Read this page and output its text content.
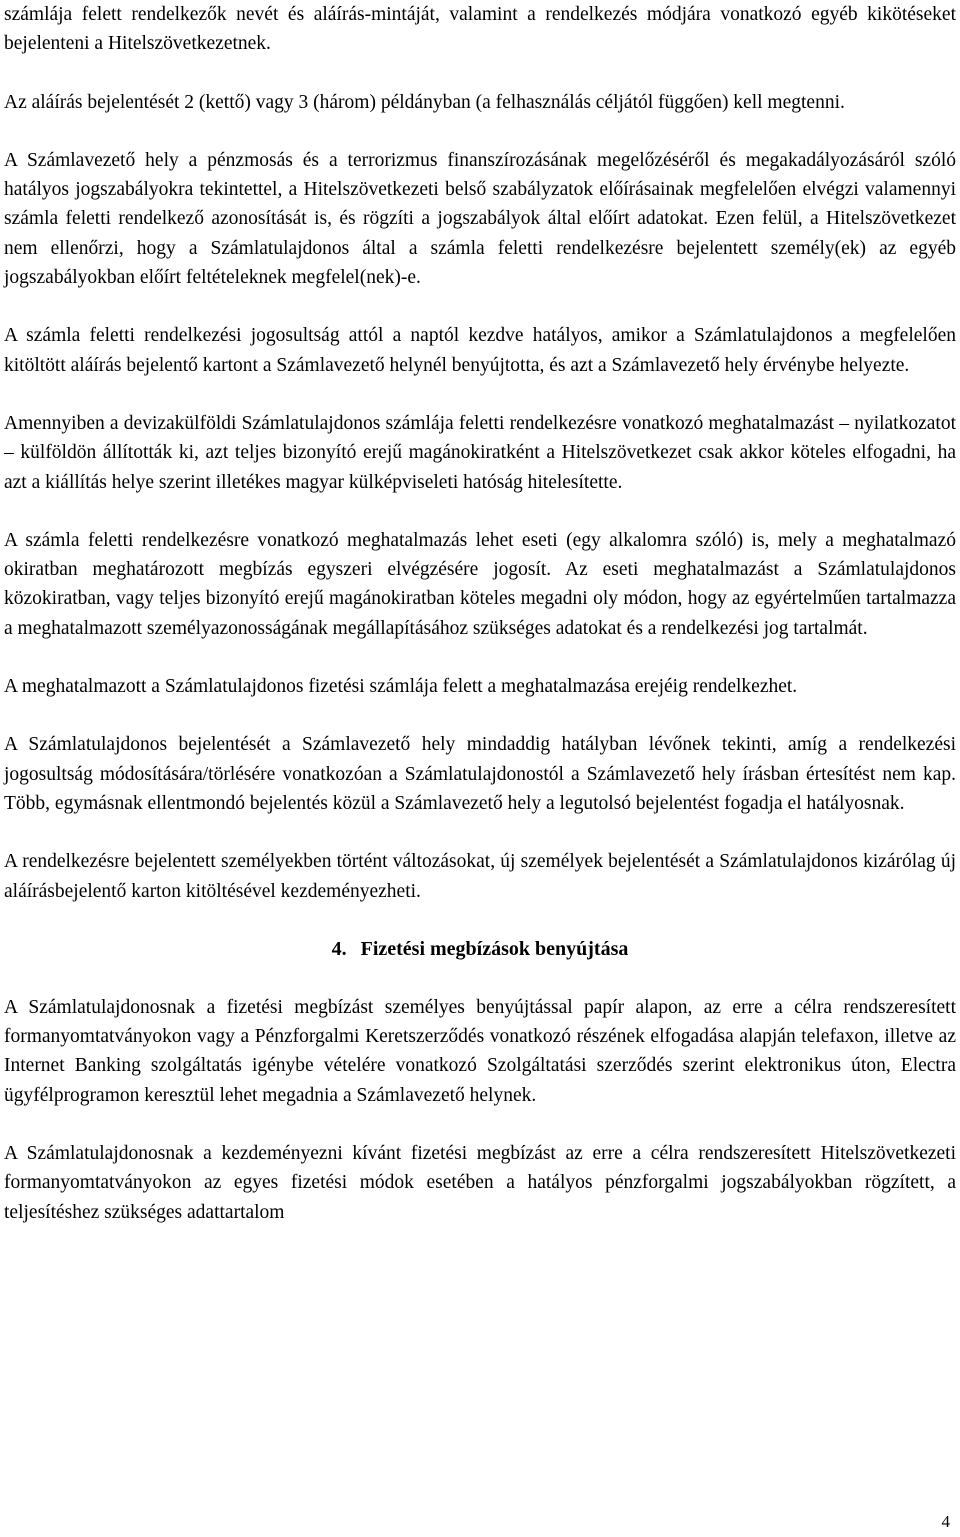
számlája felett rendelkezők nevét és aláírás-mintáját, valamint a rendelkezés módjára vonatkozó egyéb kikötéseket bejelenteni a Hitelszövetkezetnek.

Az aláírás bejelentését 2 (kettő) vagy 3 (három) példányban (a felhasználás céljától függően) kell megtenni.

A Számlavezető hely a pénzmosás és a terrorizmus finanszírozásának megelőzéséről és megakadályozásáról szóló hatályos jogszabályokra tekintettel, a Hitelszövetkezeti belső szabályzatok előírásainak megfelelően elvégzi valamennyi számla feletti rendelkező azonosítását is, és rögzíti a jogszabályok által előírt adatokat. Ezen felül, a Hitelszövetkezet nem ellenőrzi, hogy a Számlatulajdonos által a számla feletti rendelkezésre bejelentett személy(ek) az egyéb jogszabályokban előírt feltételeknek megfelel(nek)-e.

A számla feletti rendelkezési jogosultság attól a naptól kezdve hatályos, amikor a Számlatulajdonos a megfelelően kitöltött aláírás bejelentő kartont a Számlavezető helynél benyújtotta, és azt a Számlavezető hely érvénybe helyezte.

Amennyiben a devizakülföldi Számlatulajdonos számlája feletti rendelkezésre vonatkozó meghatalmazást – nyilatkozatot – külföldön állították ki, azt teljes bizonyító erejű magánokiratként a Hitelszövetkezet csak akkor köteles elfogadni, ha azt a kiállítás helye szerint illetékes magyar külképviseleti hatóság hitelesítette.

A számla feletti rendelkezésre vonatkozó meghatalmazás lehet eseti (egy alkalomra szóló) is, mely a meghatalmazó okiratban meghatározott megbízás egyszeri elvégzésére jogosít. Az eseti meghatalmazást a Számlatulajdonos közokiratban, vagy teljes bizonyító erejű magánokiratban köteles megadni oly módon, hogy az egyértelműen tartalmazza a meghatalmazott személyazonosságának megállapításához szükséges adatokat és a rendelkezési jog tartalmát.

A meghatalmazott a Számlatulajdonos fizetési számlája felett a meghatalmazása erejéig rendelkezhet.

A Számlatulajdonos bejelentését a Számlavezető hely mindaddig hatályban lévőnek tekinti, amíg a rendelkezési jogosultság módosítására/törlésére vonatkozóan a Számlatulajdonostól a Számlavezető hely írásban értesítést nem kap. Több, egymásnak ellentmondó bejelentés közül a Számlavezető hely a legutolsó bejelentést fogadja el hatályosnak.

A rendelkezésre bejelentett személyekben történt változásokat, új személyek bejelentését a Számlatulajdonos kizárólag új aláírásbejelentő karton kitöltésével kezdeményezheti.

4. Fizetési megbízások benyújtása

A Számlatulajdonosnak a fizetési megbízást személyes benyújtással papír alapon, az erre a célra rendszeresített formanyomtatványokon vagy a Pénzforgalmi Keretszerződés vonatkozó részének elfogadása alapján telefaxon, illetve az Internet Banking szolgáltatás igénybe vételére vonatkozó Szolgáltatási szerződés szerint elektronikus úton, Electra ügyfélprogramon keresztül lehet megadnia a Számlavezető helynek.

A Számlatulajdonosnak a kezdeményezni kívánt fizetési megbízást az erre a célra rendszeresített Hitelszövetkezeti formanyomtatványokon az egyes fizetési módok esetében a hatályos pénzforgalmi jogszabályokban rögzített, a teljesítéshez szükséges adattartalom

4
